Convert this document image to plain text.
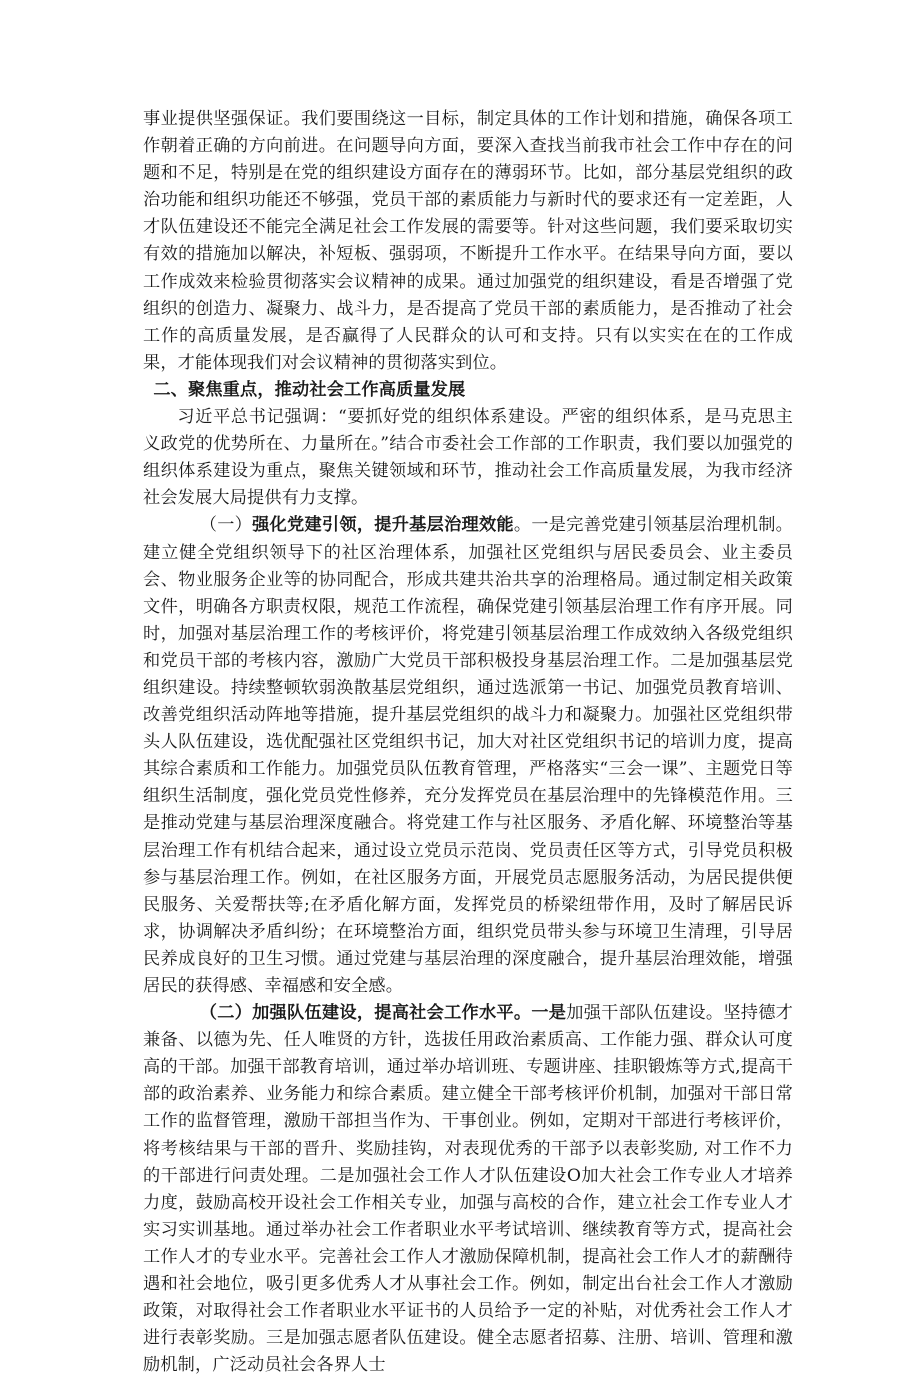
事业提供坚强保证。我们要围绕这一目标，制定具体的工作计划和措施，确保各项工作朝着正确的方向前进。在问题导向方面，要深入查找当前我市社会工作中存在的问题和不足，特别是在党的组织建设方面存在的薄弱环节。比如，部分基层党组织的政治功能和组织功能还不够强，党员干部的素质能力与新时代的要求还有一定差距，人才队伍建设还不能完全满足社会工作发展的需要等。针对这些问题，我们要采取切实有效的措施加以解决，补短板、强弱项，不断提升工作水平。在结果导向方面，要以工作成效来检验贯彻落实会议精神的成果。通过加强党的组织建设，看是否增强了党组织的创造力、凝聚力、战斗力，是否提高了党员干部的素质能力，是否推动了社会工作的高质量发展，是否赢得了人民群众的认可和支持。只有以实实在在的工作成果，才能体现我们对会议精神的贯彻落实到位。

二、聚焦重点，推动社会工作高质量发展

习近平总书记强调：“要抓好党的组织体系建设。严密的组织体系，是马克思主义政党的优势所在、力量所在。”结合市委社会工作部的工作职责，我们要以加强党的组织体系建设为重点，聚焦关键领域和环节，推动社会工作高质量发展，为我市经济社会发展大局提供有力支撑。

（一）强化党建引领，提升基层治理效能。一是完善党建引领基层治理机制。建立健全党组织领导下的社区治理体系，加强社区党组织与居民委员会、业主委员会、物业服务企业等的协同配合，形成共建共治共享的治理格局。通过制定相关政策文件，明确各方职责权限，规范工作流程，确保党建引领基层治理工作有序开展。同时，加强对基层治理工作的考核评价，将党建引领基层治理工作成效纳入各级党组织和党员干部的考核内容，激励广大党员干部积极投身基层治理工作。二是加强基层党组织建设。持续整顿软弱涣散基层党组织，通过选派第一书记、加强党员教育培训、改善党组织活动阵地等措施，提升基层党组织的战斗力和凝聚力。加强社区党组织带头人队伍建设，选优配强社区党组织书记，加大对社区党组织书记的培训力度，提高其综合素质和工作能力。加强党员队伍教育管理，严格落实“三会一课”、主题党日等组织生活制度，强化党员党性修养，充分发挥党员在基层治理中的先锋模范作用。三是推动党建与基层治理深度融合。将党建工作与社区服务、矛盾化解、环境整治等基层治理工作有机结合起来，通过设立党员示范岗、党员责任区等方式，引导党员积极参与基层治理工作。例如，在社区服务方面，开展党员志愿服务活动，为居民提供便民服务、关爱帮扶等;在矛盾化解方面，发挥党员的桥梁纽带作用，及时了解居民诉求，协调解决矛盾纠纷；在环境整治方面，组织党员带头参与环境卫生清理，引导居民养成良好的卫生习惯。通过党建与基层治理的深度融合，提升基层治理效能，增强居民的获得感、幸福感和安全感。

（二）加强队伍建设，提高社会工作水平。一是加强干部队伍建设。坚持德才兼备、以德为先、任人唯贤的方针，选拔任用政治素质高、工作能力强、群众认可度高的干部。加强干部教育培训，通过举办培训班、专题讲座、挂职锻炼等方式,提高干部的政治素养、业务能力和综合素质。建立健全干部考核评价机制，加强对干部日常工作的监督管理，激励干部担当作为、干事创业。例如，定期对干部进行考核评价，将考核结果与干部的晋升、奖励挂钩，对表现优秀的干部予以表彰奖励, 对工作不力的干部进行问责处理。二是加强社会工作人才队伍建设O加大社会工作专业人才培养力度，鼓励高校开设社会工作相关专业，加强与高校的合作，建立社会工作专业人才实习实训基地。通过举办社会工作者职业水平考试培训、继续教育等方式，提高社会工作人才的专业水平。完善社会工作人才激励保障机制，提高社会工作人才的薪酬待遇和社会地位，吸引更多优秀人才从事社会工作。例如，制定出台社会工作人才激励政策，对取得社会工作者职业水平证书的人员给予一定的补贴，对优秀社会工作人才进行表彰奖励。三是加强志愿者队伍建设。健全志愿者招募、注册、培训、管理和激励机制，广泛动员社会各界人士
